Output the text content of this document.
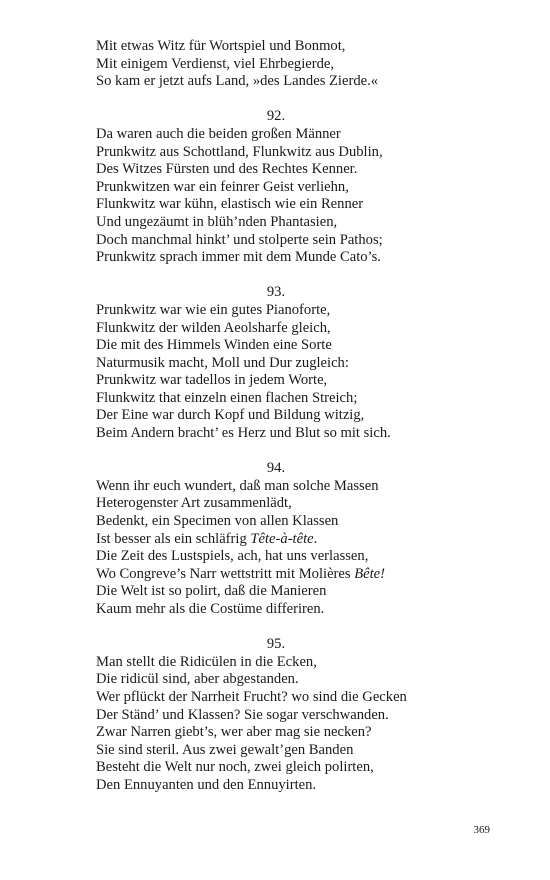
Mit etwas Witz für Wortspiel und Bonmot,
Mit einigem Verdienst, viel Ehrbegierde,
So kam er jetzt aufs Land, »des Landes Zierde.«
92.
Da waren auch die beiden großen Männer
Prunkwitz aus Schottland, Flunkwitz aus Dublin,
Des Witzes Fürsten und des Rechtes Kenner.
Prunkwitzen war ein feinrer Geist verliehn,
Flunkwitz war kühn, elastisch wie ein Renner
Und ungezäumt in blüh’nden Phantasien,
Doch manchmal hinkt’ und stolperte sein Pathos;
Prunkwitz sprach immer mit dem Munde Cato’s.
93.
Prunkwitz war wie ein gutes Pianoforte,
Flunkwitz der wilden Aeolsharfe gleich,
Die mit des Himmels Winden eine Sorte
Naturmusik macht, Moll und Dur zugleich:
Prunkwitz war tadellos in jedem Worte,
Flunkwitz that einzeln einen flachen Streich;
Der Eine war durch Kopf und Bildung witzig,
Beim Andern bracht’ es Herz und Blut so mit sich.
94.
Wenn ihr euch wundert, daß man solche Massen
Heterogenster Art zusammenlädt,
Bedenkt, ein Specimen von allen Klassen
Ist besser als ein schläfrig Tête-à-tête.
Die Zeit des Lustspiels, ach, hat uns verlassen,
Wo Congreve’s Narr wettstritt mit Molières Bête!
Die Welt ist so polirt, daß die Manieren
Kaum mehr als die Costüme differiren.
95.
Man stellt die Ridicülen in die Ecken,
Die ridicül sind, aber abgestanden.
Wer pflückt der Narrheit Frucht? wo sind die Gecken
Der Ständ’ und Klassen? Sie sogar verschwanden.
Zwar Narren giebt’s, wer aber mag sie necken?
Sie sind steril. Aus zwei gewalt’gen Banden
Besteht die Welt nur noch, zwei gleich polirten,
Den Ennuyanten und den Ennuyirten.
369
